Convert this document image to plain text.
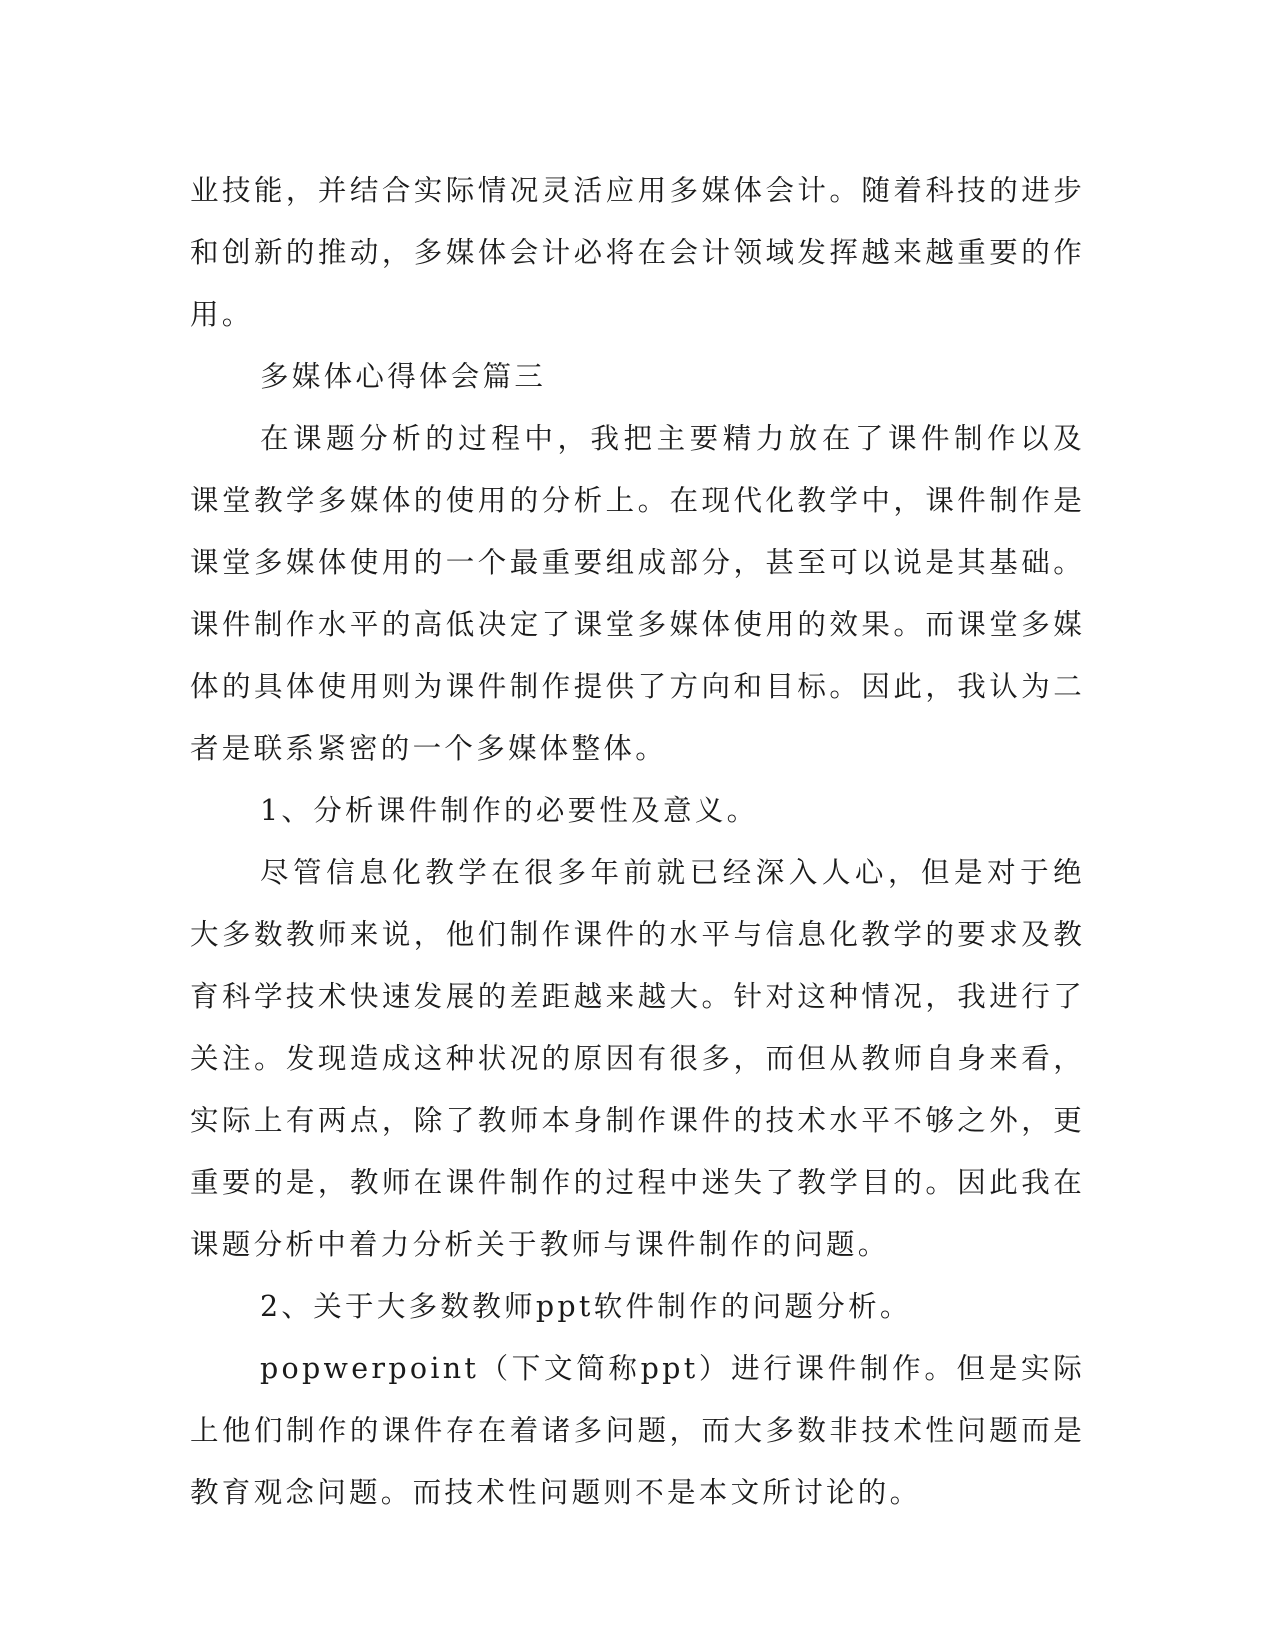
业技能，并结合实际情况灵活应用多媒体会计。随着科技的进步和创新的推动，多媒体会计必将在会计领域发挥越来越重要的作用。

多媒体心得体会篇三

在课题分析的过程中，我把主要精力放在了课件制作以及课堂教学多媒体的使用的分析上。在现代化教学中，课件制作是课堂多媒体使用的一个最重要组成部分，甚至可以说是其基础。课件制作水平的高低决定了课堂多媒体使用的效果。而课堂多媒体的具体使用则为课件制作提供了方向和目标。因此，我认为二者是联系紧密的一个多媒体整体。

1、分析课件制作的必要性及意义。

尽管信息化教学在很多年前就已经深入人心，但是对于绝大多数教师来说，他们制作课件的水平与信息化教学的要求及教育科学技术快速发展的差距越来越大。针对这种情况，我进行了关注。发现造成这种状况的原因有很多，而但从教师自身来看，实际上有两点，除了教师本身制作课件的技术水平不够之外，更重要的是，教师在课件制作的过程中迷失了教学目的。因此我在课题分析中着力分析关于教师与课件制作的问题。

2、关于大多数教师ppt软件制作的问题分析。

popwerpoint（下文简称ppt）进行课件制作。但是实际上他们制作的课件存在着诸多问题，而大多数非技术性问题而是教育观念问题。而技术性问题则不是本文所讨论的。
